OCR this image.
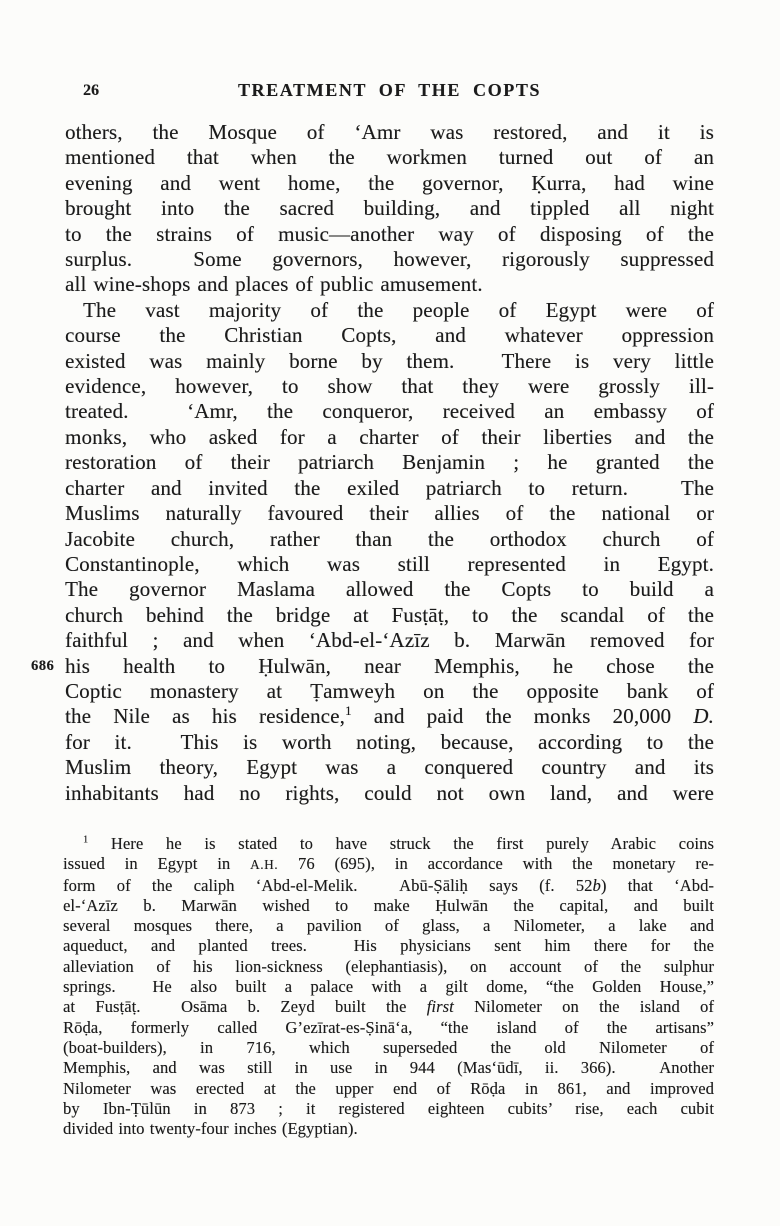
26	TREATMENT OF THE COPTS
686
others, the Mosque of ‘Amr was restored, and it is
mentioned that when the workmen turned out of an
evening and went home, the governor, Ḳurra, had wine
brought into the sacred building, and tippled all night
to the strains of music—another way of disposing of the
surplus.  Some governors, however, rigorously suppressed
all wine-shops and places of public amusement.
The vast majority of the people of Egypt were of
course the Christian Copts, and whatever oppression
existed was mainly borne by them.  There is very little
evidence, however, to show that they were grossly ill-
treated.  ‘Amr, the conqueror, received an embassy of
monks, who asked for a charter of their liberties and the
restoration of their patriarch Benjamin ; he granted the
charter and invited the exiled patriarch to return.  The
Muslims naturally favoured their allies of the national or
Jacobite church, rather than the orthodox church of
Constantinople, which was still represented in Egypt.
The governor Maslama allowed the Copts to build a
church behind the bridge at Fusṭāṭ, to the scandal of the
faithful ; and when ‘Abd-el-‘Azīz b. Marwān removed for
his health to Ḥulwān, near Memphis, he chose the
Coptic monastery at Ṭamweyh on the opposite bank of
the Nile as his residence,$^1$ and paid the monks 20,000 D.
for it.  This is worth noting, because, according to the
Muslim theory, Egypt was a conquered country and its
inhabitants had no rights, could not own land, and were
$^1$ Here he is stated to have struck the first purely Arabic coins
issued in Egypt in A.H. 76 (695), in accordance with the monetary re-
form of the caliph ‘Abd-el-Melik.  Abū-Ṣāliḥ says (f. 52b) that ‘Abd-
el-‘Azīz b. Marwān wished to make Ḥulwān the capital, and built
several mosques there, a pavilion of glass, a Nilometer, a lake and
aqueduct, and planted trees.  His physicians sent him there for the
alleviation of his lion-sickness (elephantiasis), on account of the sulphur
springs.  He also built a palace with a gilt dome, “the Golden House,”
at Fusṭāṭ.  Osāma b. Zeyd built the first Nilometer on the island of
Rōḍa, formerly called G’ezīrat-es-Ṣinā‘a, “the island of the artisans”
(boat-builders), in 716, which superseded the old Nilometer of
Memphis, and was still in use in 944 (Mas‘ūdī, ii. 366).  Another
Nilometer was erected at the upper end of Rōḍa in 861, and improved
by Ibn-Ṭūlūn in 873 ; it registered eighteen cubits’ rise, each cubit
divided into twenty-four inches (Egyptian).
